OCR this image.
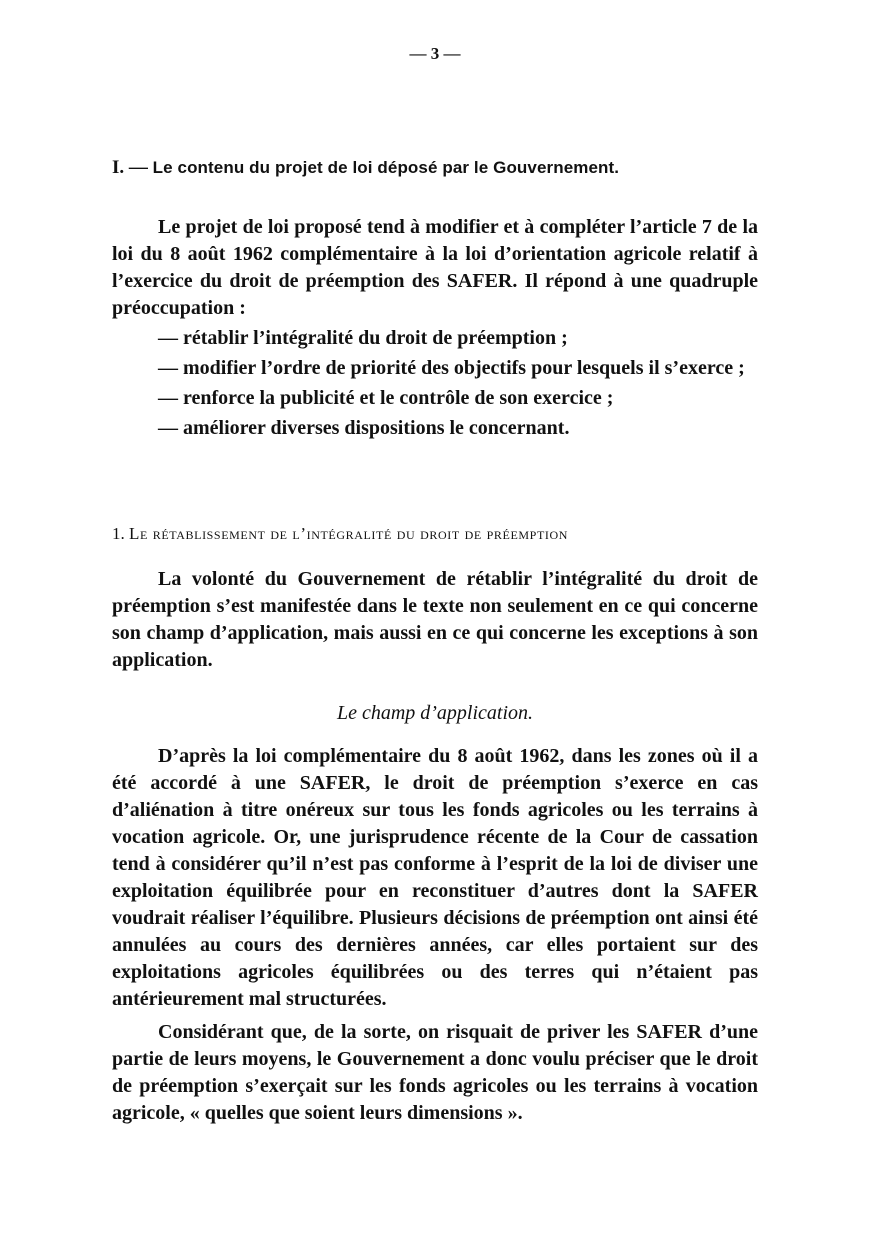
— 3 —
I. — Le contenu du projet de loi déposé par le Gouvernement.

Le projet de loi proposé tend à modifier et à compléter l’article 7 de la loi du 8 août 1962 complémentaire à la loi d’orientation agricole relatif à l’exercice du droit de préemption des SAFER. Il répond à une quadruple préoccupation :

— rétablir l’intégralité du droit de préemption ;

— modifier l’ordre de priorité des objectifs pour lesquels il s’exerce ;

— renforce la publicité et le contrôle de son exercice ;

— améliorer diverses dispositions le concernant.

1. Le rétablissement de l’intégralité du droit de préemption

La volonté du Gouvernement de rétablir l’intégralité du droit de préemption s’est manifestée dans le texte non seulement en ce qui concerne son champ d’application, mais aussi en ce qui concerne les exceptions à son application.

Le champ d’application.

D’après la loi complémentaire du 8 août 1962, dans les zones où il a été accordé à une SAFER, le droit de préemption s’exerce en cas d’aliénation à titre onéreux sur tous les fonds agricoles ou les terrains à vocation agricole. Or, une jurisprudence récente de la Cour de cassation tend à considérer qu’il n’est pas conforme à l’esprit de la loi de diviser une exploitation équilibrée pour en reconstituer d’autres dont la SAFER voudrait réaliser l’équilibre. Plusieurs décisions de préemption ont ainsi été annulées au cours des dernières années, car elles portaient sur des exploitations agricoles équilibrées ou des terres qui n’étaient pas antérieurement mal structurées.

Considérant que, de la sorte, on risquait de priver les SAFER d’une partie de leurs moyens, le Gouvernement a donc voulu préciser que le droit de préemption s’exerçait sur les fonds agricoles ou les terrains à vocation agricole, « quelles que soient leurs dimensions ».
